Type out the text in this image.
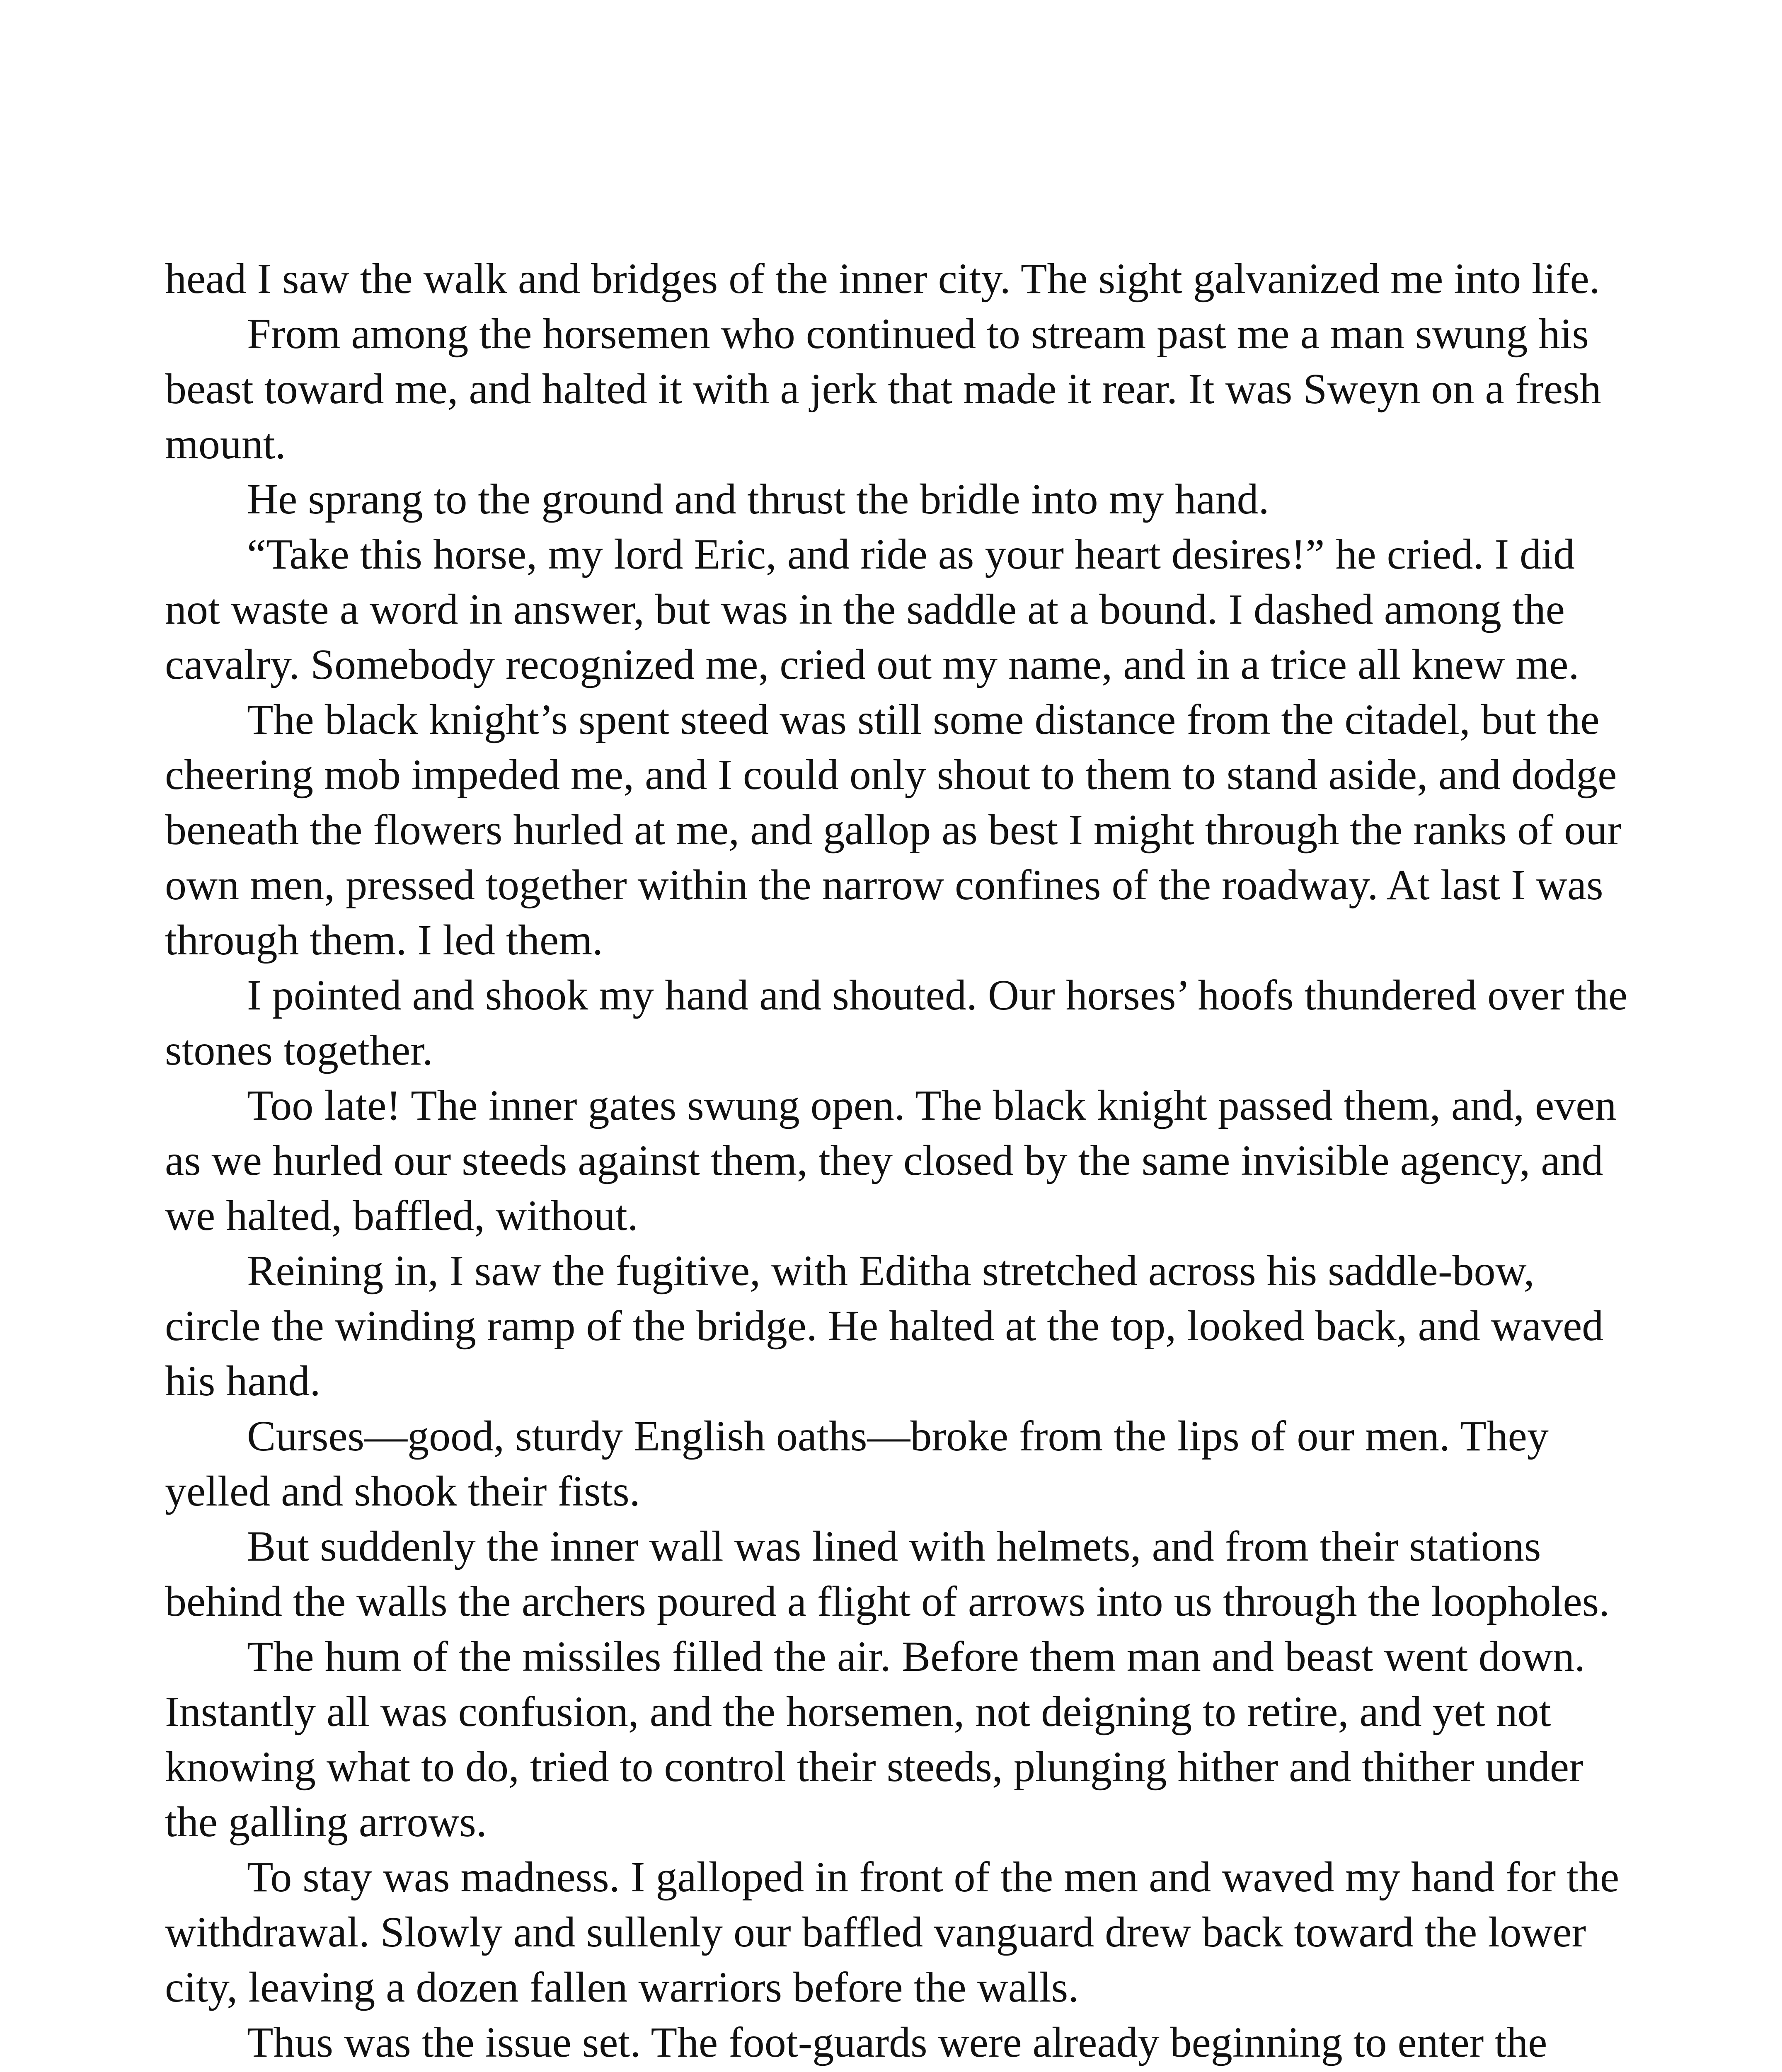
head I saw the walk and bridges of the inner city. The sight galvanized me into life.

From among the horsemen who continued to stream past me a man swung his beast toward me, and halted it with a jerk that made it rear. It was Sweyn on a fresh mount.

He sprang to the ground and thrust the bridle into my hand.

“Take this horse, my lord Eric, and ride as your heart desires!” he cried. I did not waste a word in answer, but was in the saddle at a bound. I dashed among the cavalry. Somebody recognized me, cried out my name, and in a trice all knew me.

The black knight’s spent steed was still some distance from the citadel, but the cheering mob impeded me, and I could only shout to them to stand aside, and dodge beneath the flowers hurled at me, and gallop as best I might through the ranks of our own men, pressed together within the narrow confines of the roadway. At last I was through them. I led them.

I pointed and shook my hand and shouted. Our horses’ hoofs thundered over the stones together.

Too late! The inner gates swung open. The black knight passed them, and, even as we hurled our steeds against them, they closed by the same invisible agency, and we halted, baffled, without.

Reining in, I saw the fugitive, with Editha stretched across his saddle-bow, circle the winding ramp of the bridge. He halted at the top, looked back, and waved his hand.

Curses—good, sturdy English oaths—broke from the lips of our men. They yelled and shook their fists.

But suddenly the inner wall was lined with helmets, and from their stations behind the walls the archers poured a flight of arrows into us through the loopholes.

The hum of the missiles filled the air. Before them man and beast went down. Instantly all was confusion, and the horsemen, not deigning to retire, and yet not knowing what to do, tried to control their steeds, plunging hither and thither under the galling arrows.

To stay was madness. I galloped in front of the men and waved my hand for the withdrawal. Slowly and sullenly our baffled vanguard drew back toward the lower city, leaving a dozen fallen warriors before the walls.

Thus was the issue set. The foot-guards were already beginning to enter the
